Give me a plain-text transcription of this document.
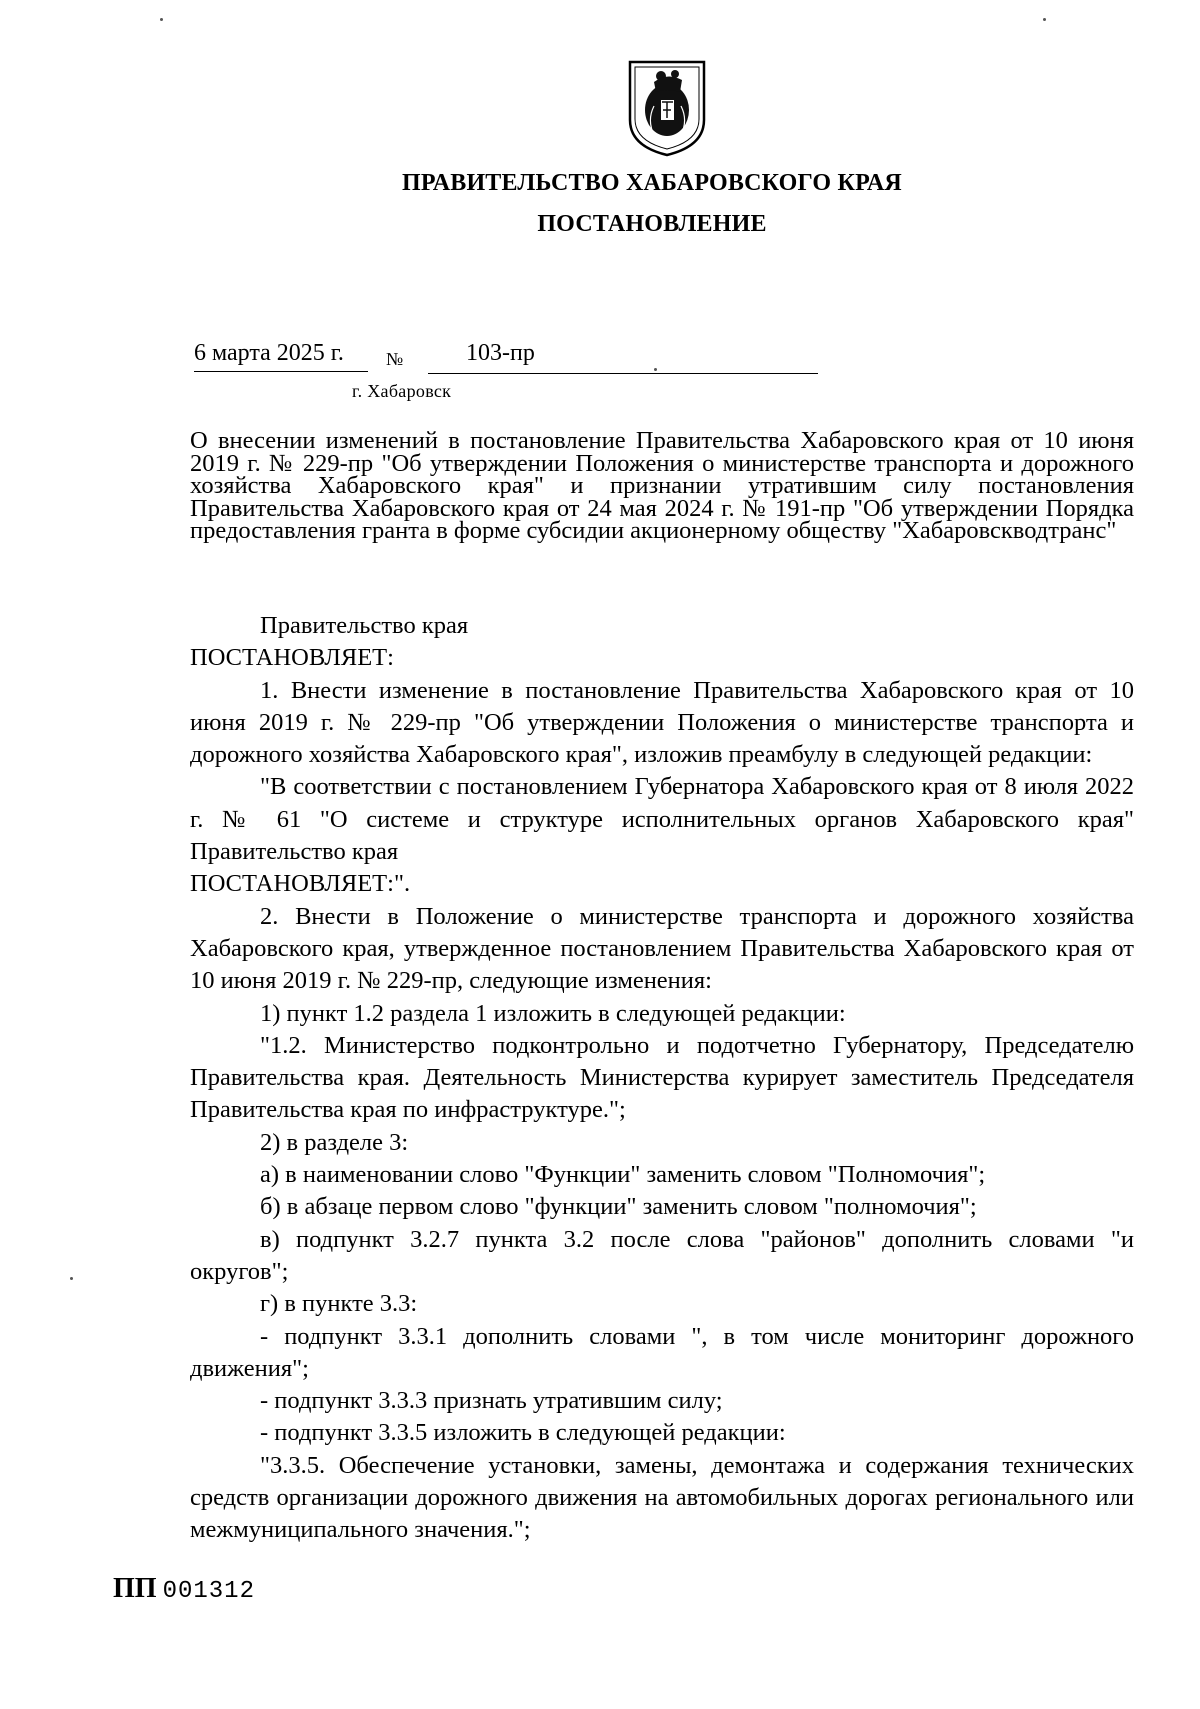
ПРАВИТЕЛЬСТВО ХАБАРОВСКОГО КРАЯ
ПОСТАНОВЛЕНИЕ
6 марта 2025 г. №	103-пр
г. Хабаровск
О внесении изменений в постановление Правительства Хабаровского края от 10 июня 2019 г. № 229-пр "Об утверждении Положения о министерстве транспорта и дорожного хозяйства Хабаровского края" и признании утратившим силу постановления Правительства Хабаровского края от 24 мая 2024 г. № 191-пр "Об утверждении Порядка предоставления гранта в форме субсидии акционерному обществу "Хабаровскводтранс"

Правительство края

ПОСТАНОВЛЯЕТ:

1. Внести изменение в постановление Правительства Хабаровского края от 10 июня 2019 г. № 229-пр "Об утверждении Положения о министерстве транспорта и дорожного хозяйства Хабаровского края", изложив преамбулу в следующей редакции:

"В соответствии с постановлением Губернатора Хабаровского края от 8 июля 2022 г. № 61 "О системе и структуре исполнительных органов Хабаровского края" Правительство края

ПОСТАНОВЛЯЕТ:".

2. Внести в Положение о министерстве транспорта и дорожного хозяйства Хабаровского края, утвержденное постановлением Правительства Хабаровского края от 10 июня 2019 г. № 229-пр, следующие изменения:

1) пункт 1.2 раздела 1 изложить в следующей редакции:

"1.2. Министерство подконтрольно и подотчетно Губернатору, Председателю Правительства края. Деятельность Министерства курирует заместитель Председателя Правительства края по инфраструктуре.";

2) в разделе 3:

а) в наименовании слово "Функции" заменить словом "Полномочия";

б) в абзаце первом слово "функции" заменить словом "полномочия";

в) подпункт 3.2.7 пункта 3.2 после слова "районов" дополнить словами "и округов";

г) в пункте 3.3:

- подпункт 3.3.1 дополнить словами ", в том числе мониторинг дорожного движения";

- подпункт 3.3.3 признать утратившим силу;

- подпункт 3.3.5 изложить в следующей редакции:

"3.3.5. Обеспечение установки, замены, демонтажа и содержания технических средств организации дорожного движения на автомобильных дорогах регионального или межмуниципального значения.";

ПП 001312
